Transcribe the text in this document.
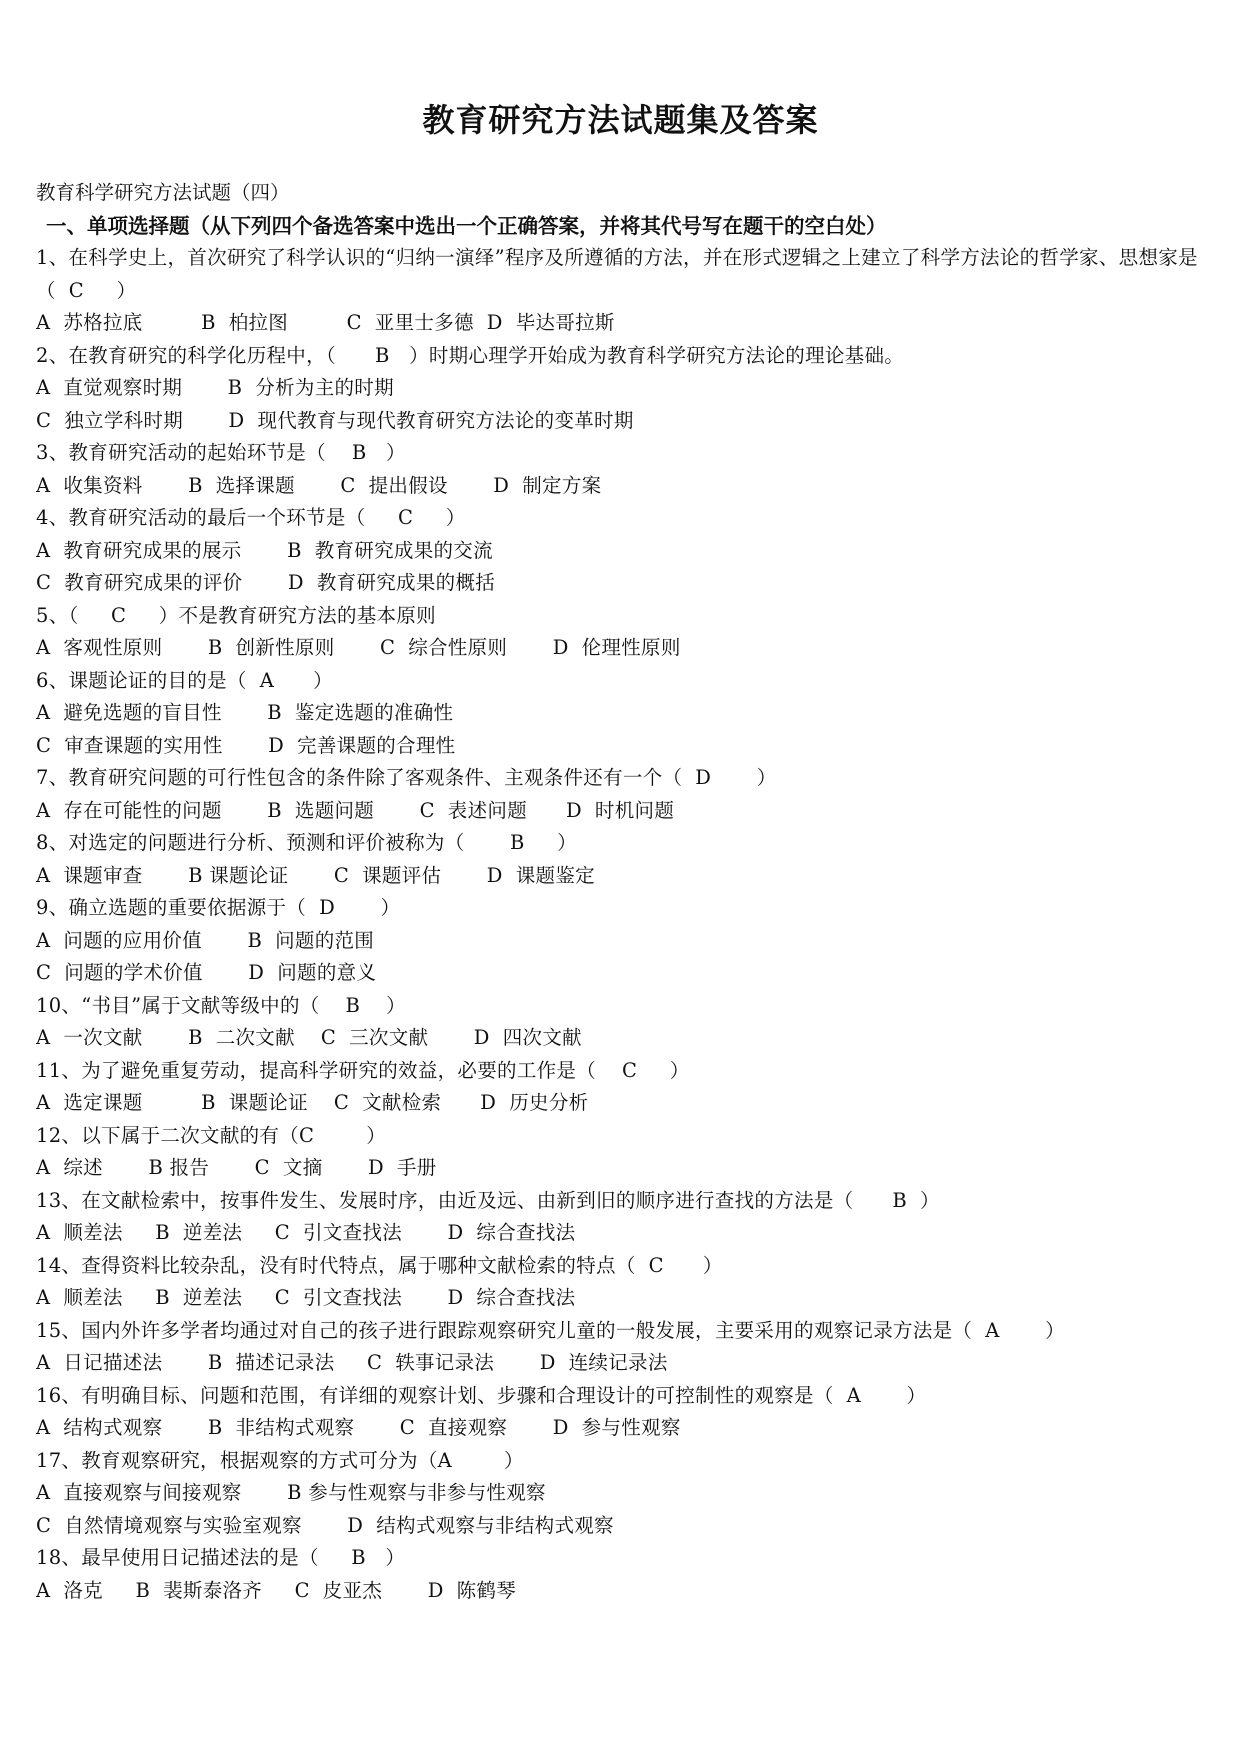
教育研究方法试题集及答案
教育科学研究方法试题（四）
一、单项选择题（从下列四个备选答案中选出一个正确答案，并将其代号写在题干的空白处）
1、在科学史上，首次研究了科学认识的“归纳一演绎”程序及所遵循的方法，并在形式逻辑之上建立了科学方法论的哲学家、思想家是（  C     ）
A  苏格拉底         B  柏拉图         C  亚里士多德  D  毕达哥拉斯
2、在教育研究的科学化历程中，（      B   ）时期心理学开始成为教育科学研究方法论的理论基础。
A  直觉观察时期       B  分析为主的时期
C  独立学科时期       D  现代教育与现代教育研究方法论的变革时期
3、教育研究活动的起始环节是（    B   ）
A  收集资料       B  选择课题       C  提出假设       D  制定方案
4、教育研究活动的最后一个环节是（     C     ）
A  教育研究成果的展示       B  教育研究成果的交流
C  教育研究成果的评价       D  教育研究成果的概括
5、（     C     ）不是教育研究方法的基本原则
A  客观性原则       B  创新性原则       C  综合性原则       D  伦理性原则
6、课题论证的目的是（  A      ）
A  避免选题的盲目性       B  鉴定选题的准确性
C  审查课题的实用性       D  完善课题的合理性
7、教育研究问题的可行性包含的条件除了客观条件、主观条件还有一个（  D       ）
A  存在可能性的问题       B  选题问题       C  表述问题      D  时机问题
8、对选定的问题进行分析、预测和评价被称为（       B     ）
A  课题审查       B 课题论证       C  课题评估       D  课题鉴定
9、确立选题的重要依据源于（  D       ）
A  问题的应用价值       B  问题的范围
C  问题的学术价值       D  问题的意义
10、“书目”属于文献等级中的（    B    ）
A  一次文献       B  二次文献    C  三次文献       D  四次文献
11、为了避免重复劳动，提高科学研究的效益，必要的工作是（    C     ）
A  选定课题         B  课题论证    C  文献检索      D  历史分析
12、以下属于二次文献的有（C        ）
A  综述       B 报告       C  文摘       D  手册
13、在文献检索中，按事件发生、发展时序，由近及远、由新到旧的顺序进行查找的方法是（      B  ）
A  顺差法     B  逆差法     C  引文查找法       D  综合查找法
14、查得资料比较杂乱，没有时代特点，属于哪种文献检索的特点（  C      ）
A  顺差法     B  逆差法     C  引文查找法       D  综合查找法
15、国内外许多学者均通过对自己的孩子进行跟踪观察研究儿童的一般发展，主要采用的观察记录方法是（  A       ）
A  日记描述法       B  描述记录法     C  轶事记录法       D  连续记录法
16、有明确目标、问题和范围，有详细的观察计划、步骤和合理设计的可控制性的观察是（  A       ）
A  结构式观察       B  非结构式观察       C  直接观察       D  参与性观察
17、教育观察研究，根据观察的方式可分为（A        ）
A  直接观察与间接观察       B 参与性观察与非参与性观察
C  自然情境观察与实验室观察       D  结构式观察与非结构式观察
18、最早使用日记描述法的是（     B   ）
A  洛克     B  裴斯泰洛齐     C  皮亚杰       D  陈鹤琴
